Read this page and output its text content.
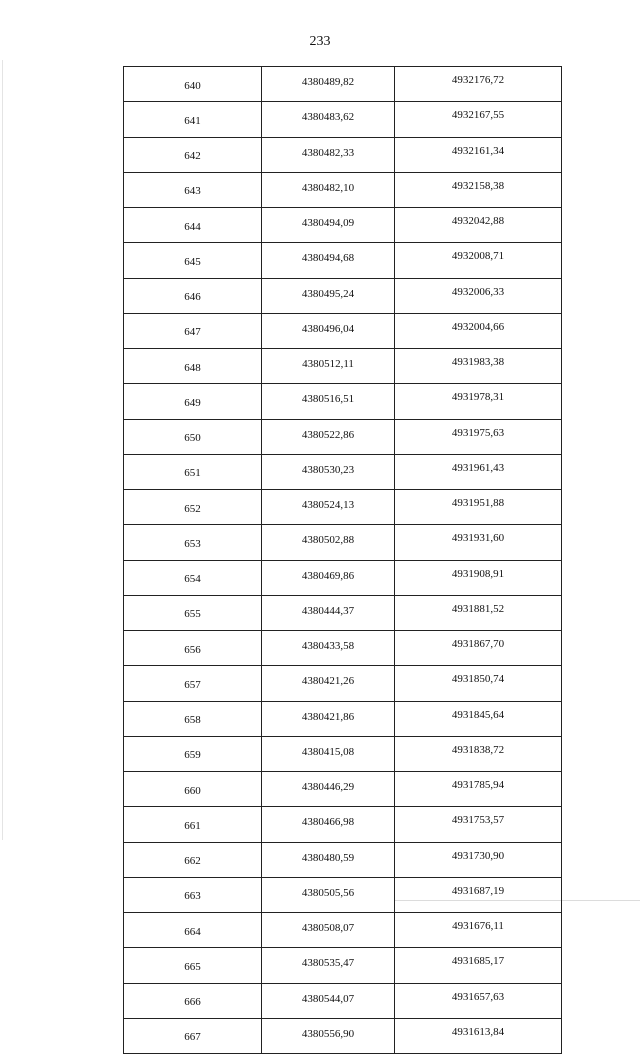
233
640	4380489,82	4932176,72
641	4380483,62	4932167,55
642	4380482,33	4932161,34
643	4380482,10	4932158,38
644	4380494,09	4932042,88
645	4380494,68	4932008,71
646	4380495,24	4932006,33
647	4380496,04	4932004,66
648	4380512,11	4931983,38
649	4380516,51	4931978,31
650	4380522,86	4931975,63
651	4380530,23	4931961,43
652	4380524,13	4931951,88
653	4380502,88	4931931,60
654	4380469,86	4931908,91
655	4380444,37	4931881,52
656	4380433,58	4931867,70
657	4380421,26	4931850,74
658	4380421,86	4931845,64
659	4380415,08	4931838,72
660	4380446,29	4931785,94
661	4380466,98	4931753,57
662	4380480,59	4931730,90
663	4380505,56	4931687,19
664	4380508,07	4931676,11
665	4380535,47	4931685,17
666	4380544,07	4931657,63
667	4380556,90	4931613,84
